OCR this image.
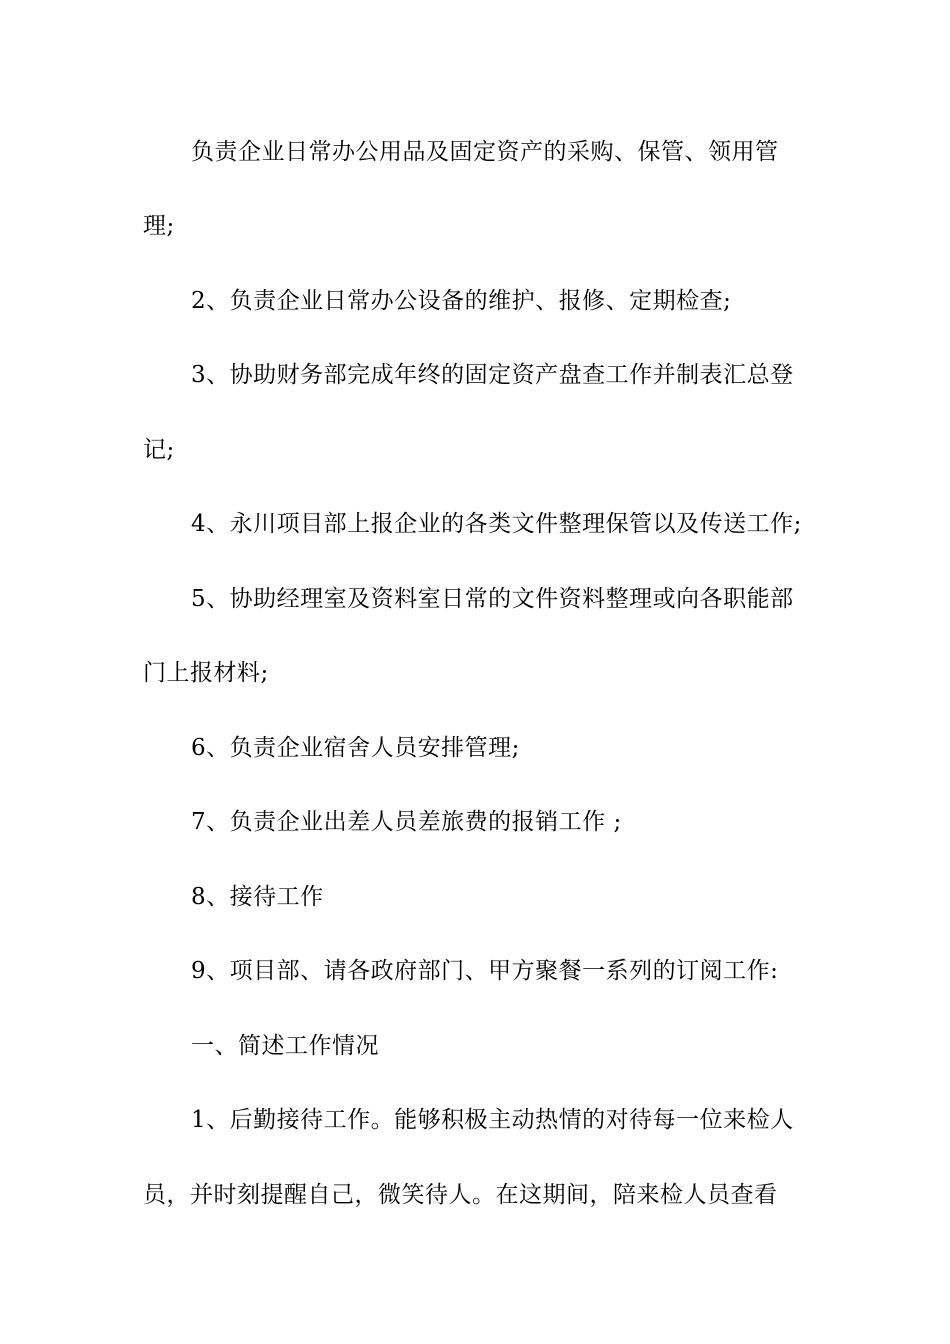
负责企业日常办公用品及固定资产的采购、保管、领用管
理;
2、负责企业日常办公设备的维护、报修、定期检查;
3、协助财务部完成年终的固定资产盘查工作并制表汇总登
记;
4、永川项目部上报企业的各类文件整理保管以及传送工作;
5、协助经理室及资料室日常的文件资料整理或向各职能部
门上报材料;
6、负责企业宿舍人员安排管理;
7、负责企业出差人员差旅费的报销工作 ;
8、接待工作
9、项目部、请各政府部门、甲方聚餐一系列的订阅工作:
一、简述工作情况
1、后勤接待工作。能够积极主动热情的对待每一位来检人
员，并时刻提醒自己，微笑待人。在这期间，陪来检人员查看
